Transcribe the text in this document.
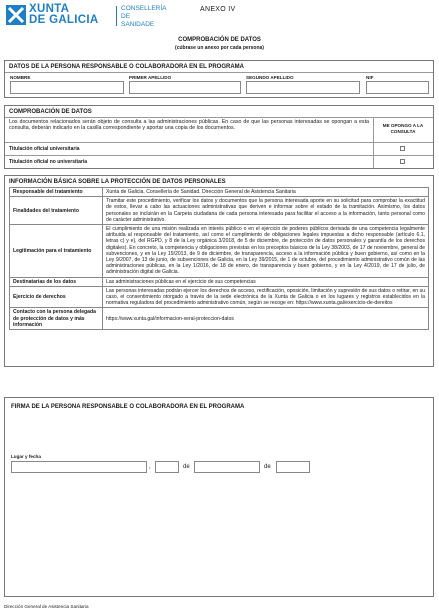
XUNTA
DE GALICIA
CONSELLERÍA
DE SANIDADE
ANEXO IV
COMPROBACIÓN DE DATOS
(cúbrase un anexo por cada persona)
DATOS DE LA PERSONA RESPONSABLE O COLABORADORA EN EL PROGRAMA
NOMBRE	PRIMER APELLIDO	SEGUNDO APELLIDO	NIF
COMPROBACIÓN DE DATOS
Los documentos relacionados serán objeto de consulta a las administraciones públicas. En caso de que las personas interesadas se opongan a esta consulta, deberán indicarlo en la casilla correspondiente y aportar una copia de los documentos.	ME OPONGO A LA CONSULTA
Titulación oficial universitaria
Titulación oficial no universitaria
INFORMACIÓN BÁSICA SOBRE LA PROTECCIÓN DE DATOS PERSONALES
Responsable del tratamiento	Xunta de Galicia. Consellería de Sanidad. Dirección General de Asistencia Sanitaria
Finalidades del tratamiento	Tramitar este procedimiento, verificar los datos y documentos que la persona interesada aporte en su solicitud para comprobar la exactitud de estos, llevar a cabo las actuaciones administrativas que deriven e informar sobre el estado de la tramitación. Asimismo, los datos personales se incluirán en la Carpeta ciudadana de cada persona interesada para facilitar el acceso a la información, tanto personal como de carácter administrativo.
Legitimación para el tratamiento	El cumplimiento de una misión realizada en interés público o en el ejercicio de poderes públicos derivada de una competencia legalmente atribuida al responsable del tratamiento, así como el cumplimiento de obligaciones legales impuestas a dicho responsable (artículo 6.1, letras c) y e), del RGPD, y 8 de la Ley orgánica 3/2018, de 5 de diciembre, de protección de datos personales y garantía de los derechos digitales). En concreto, la competencia y obligaciones previstas en los preceptos básicos de la Ley 38/2003, de 17 de noviembre, general de subvenciones, y en la Ley 19/2013, de 9 de diciembre, de transparencia, acceso a la información pública y buen gobierno, así como en la Ley 9/2007, de 13 de junio, de subvenciones de Galicia, en la Ley 39/2015, de 1 de octubre, del procedimiento administrativo común de las administraciones públicas, en la Ley 1/2016, de 18 de enero, de transparencia y buen gobierno, y en la Ley 4/2019, de 17 de julio, de administración digital de Galicia.
Destinatarias de los datos	Las administraciones públicas en el ejercicio de sus competencias
Ejercicio de derechos	Las personas interesadas podrán ejercer los derechos de acceso, rectificación, oposición, limitación y supresión de sus datos o retirar, en su caso, el consentimiento otorgado a través de la sede electrónica de la Xunta de Galicia o en los lugares y registros establecidos en la normativa reguladora del procedimiento administrativo común, según se recoge en: https://www.xunta.gal/exercicio-de-dereitos
Contacto con la persona delegada de protección de datos y más información	https://www.xunta.gal/informacion-xeral-proteccion-datos
FIRMA DE LA PERSONA RESPONSABLE O COLABORADORA EN EL PROGRAMA
Lugar y fecha
,	de	de
Dirección General de Asistencia Sanitaria
